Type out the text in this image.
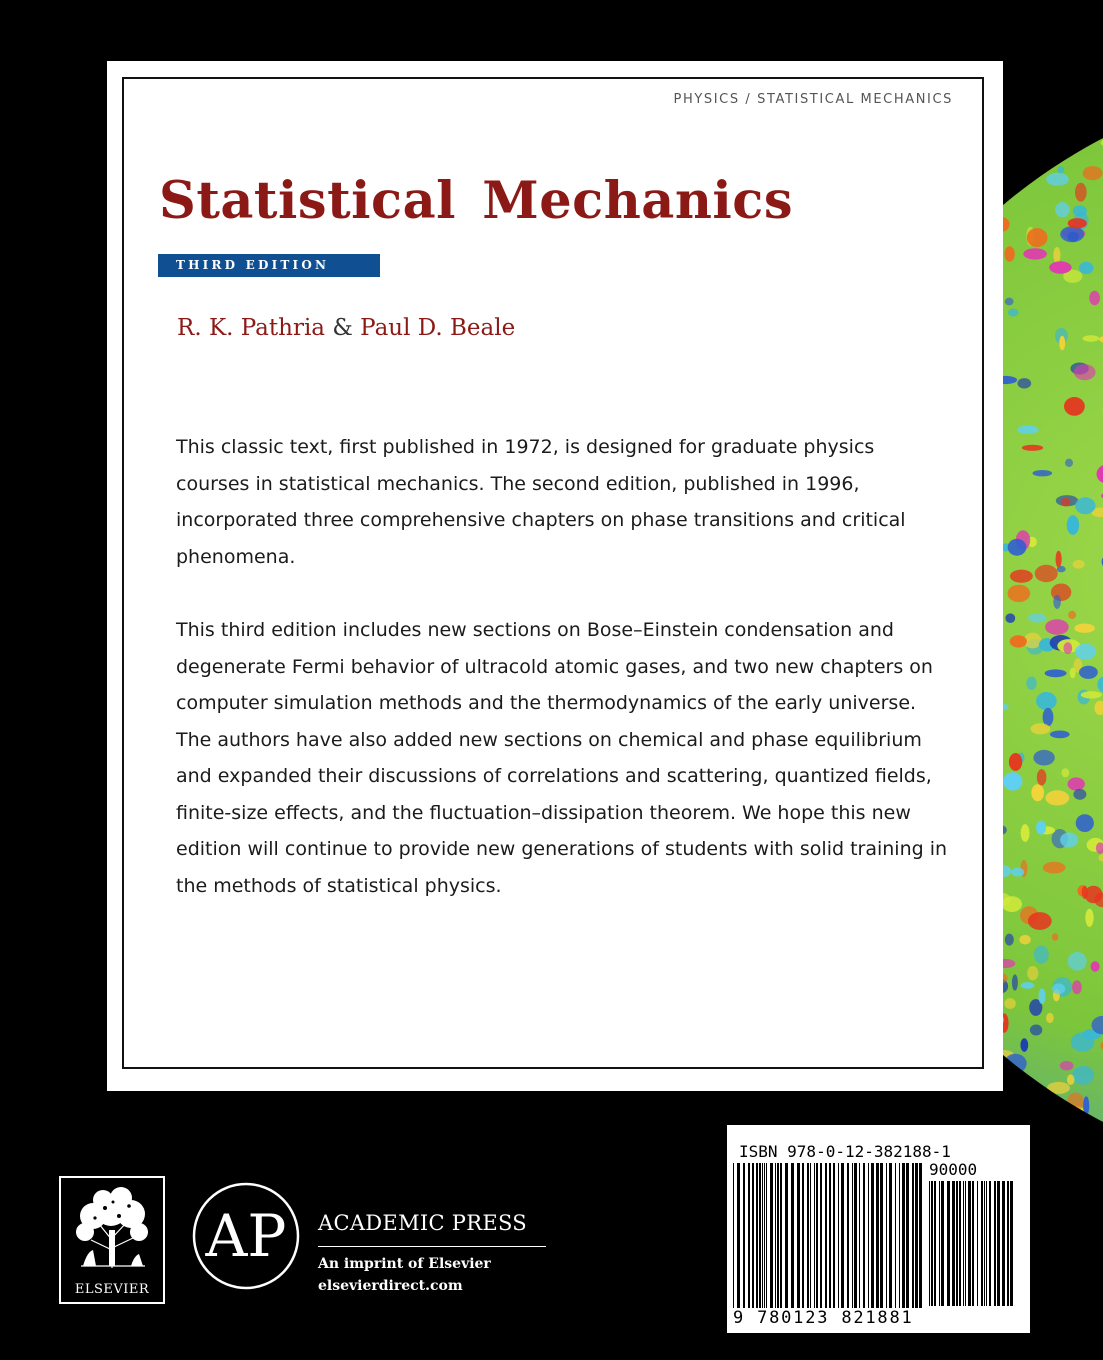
PHYSICS / STATISTICAL MECHANICS
Statistical Mechanics
THIRD EDITION
R. K. Pathria & Paul D. Beale

This classic text, first published in 1972, is designed for graduate physics courses in statistical mechanics. The second edition, published in 1996, incorporated three comprehensive chapters on phase transitions and critical phenomena.

This third edition includes new sections on Bose–Einstein condensation and degenerate Fermi behavior of ultracold atomic gases, and two new chapters on computer simulation methods and the thermodynamics of the early universe. The authors have also added new sections on chemical and phase equilibrium and expanded their discussions of correlations and scattering, quantized fields, finite-size effects, and the fluctuation–dissipation theorem. We hope this new edition will continue to provide new generations of students with solid training in the methods of statistical physics.

ELSEVIER
AP ACADEMIC PRESS
An imprint of Elsevier
elsevierdirect.com
ISBN 978-0-12-382188-1
90000
9 780123 821881
